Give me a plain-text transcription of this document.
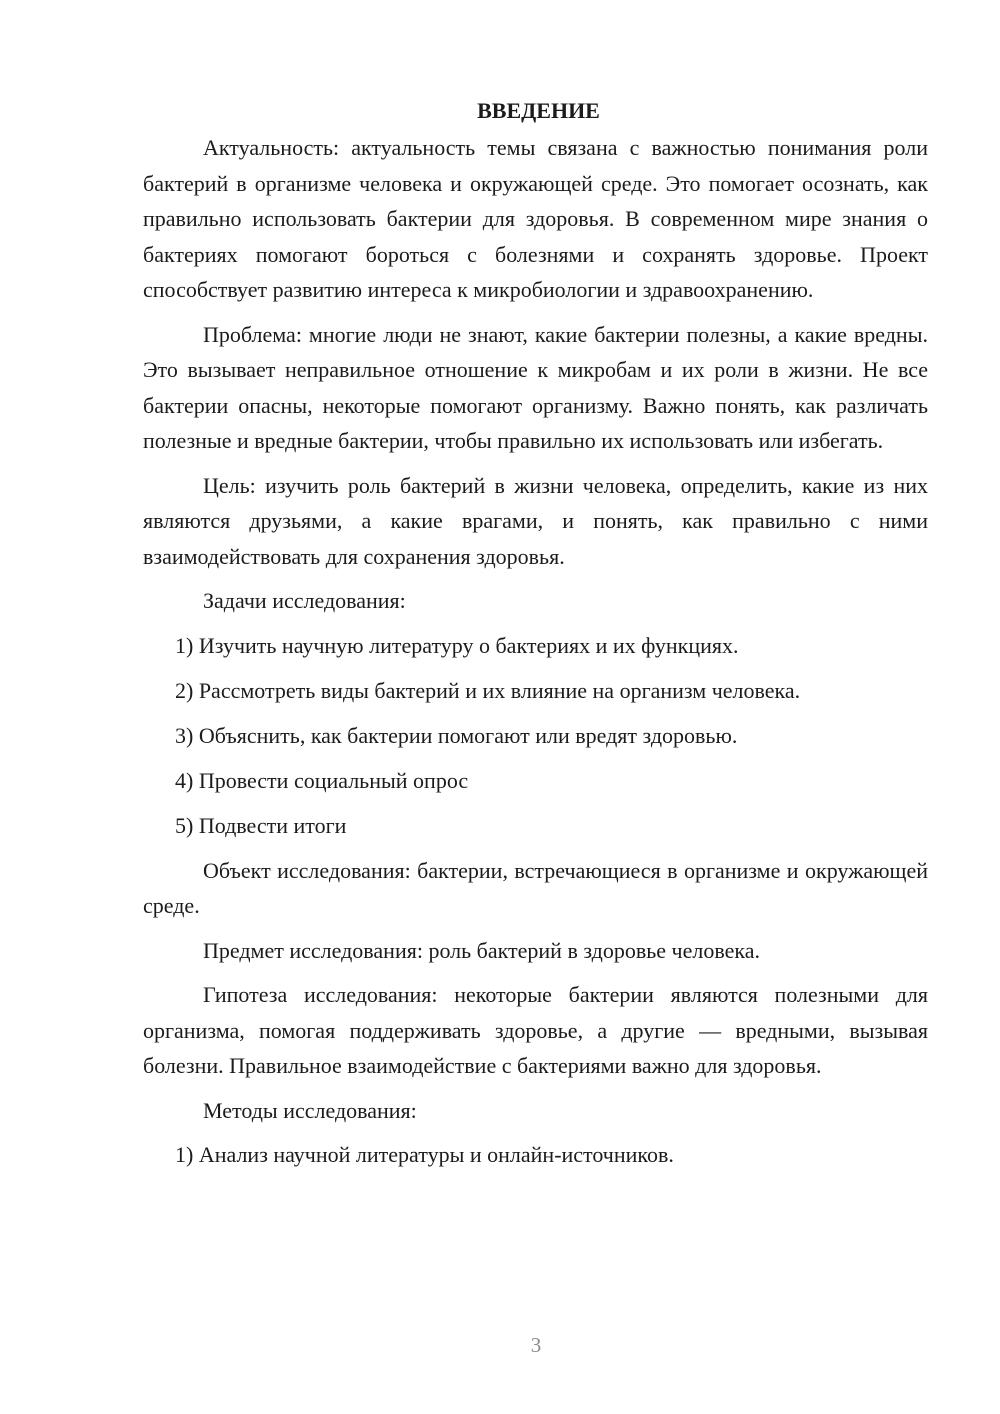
ВВЕДЕНИЕ

Актуальность: актуальность темы связана с важностью понимания роли бактерий в организме человека и окружающей среде. Это помогает осознать, как правильно использовать бактерии для здоровья. В современном мире знания о бактериях помогают бороться с болезнями и сохранять здоровье. Проект способствует развитию интереса к микробиологии и здравоохранению.

Проблема: многие люди не знают, какие бактерии полезны, а какие вредны. Это вызывает неправильное отношение к микробам и их роли в жизни. Не все бактерии опасны, некоторые помогают организму. Важно понять, как различать полезные и вредные бактерии, чтобы правильно их использовать или избегать.

Цель: изучить роль бактерий в жизни человека, определить, какие из них являются друзьями, а какие врагами, и понять, как правильно с ними взаимодействовать для сохранения здоровья.

Задачи исследования:

1) Изучить научную литературу о бактериях и их функциях.

2) Рассмотреть виды бактерий и их влияние на организм человека.

3) Объяснить, как бактерии помогают или вредят здоровью.

4) Провести социальный опрос

5) Подвести итоги

Объект исследования: бактерии, встречающиеся в организме и окружающей среде.

Предмет исследования: роль бактерий в здоровье человека.

Гипотеза исследования: некоторые бактерии являются полезными для организма, помогая поддерживать здоровье, а другие — вредными, вызывая болезни. Правильное взаимодействие с бактериями важно для здоровья.

Методы исследования:

1) Анализ научной литературы и онлайн-источников.

3
